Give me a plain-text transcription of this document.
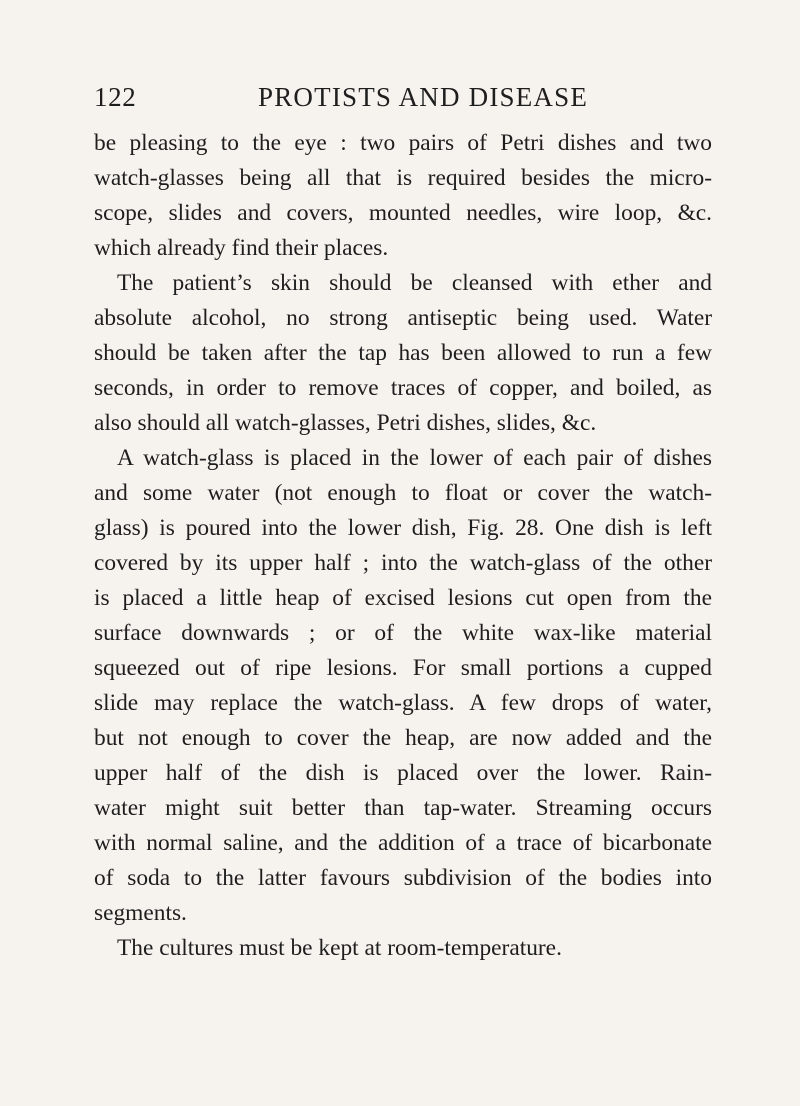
122	PROTISTS AND DISEASE
be pleasing to the eye : two pairs of Petri dishes and two
watch-glasses being all that is required besides the micro-
scope, slides and covers, mounted needles, wire loop, &c.
which already find their places.
The patient’s skin should be cleansed with ether and
absolute alcohol, no strong antiseptic being used. Water
should be taken after the tap has been allowed to run a few
seconds, in order to remove traces of copper, and boiled, as
also should all watch-glasses, Petri dishes, slides, &c.
A watch-glass is placed in the lower of each pair of dishes
and some water (not enough to float or cover the watch-
glass) is poured into the lower dish, Fig. 28. One dish is left
covered by its upper half ; into the watch-glass of the other
is placed a little heap of excised lesions cut open from the
surface downwards ; or of the white wax-like material
squeezed out of ripe lesions. For small portions a cupped
slide may replace the watch-glass. A few drops of water,
but not enough to cover the heap, are now added and the
upper half of the dish is placed over the lower. Rain-
water might suit better than tap-water. Streaming occurs
with normal saline, and the addition of a trace of bicarbonate
of soda to the latter favours subdivision of the bodies into
segments.
The cultures must be kept at room-temperature.
